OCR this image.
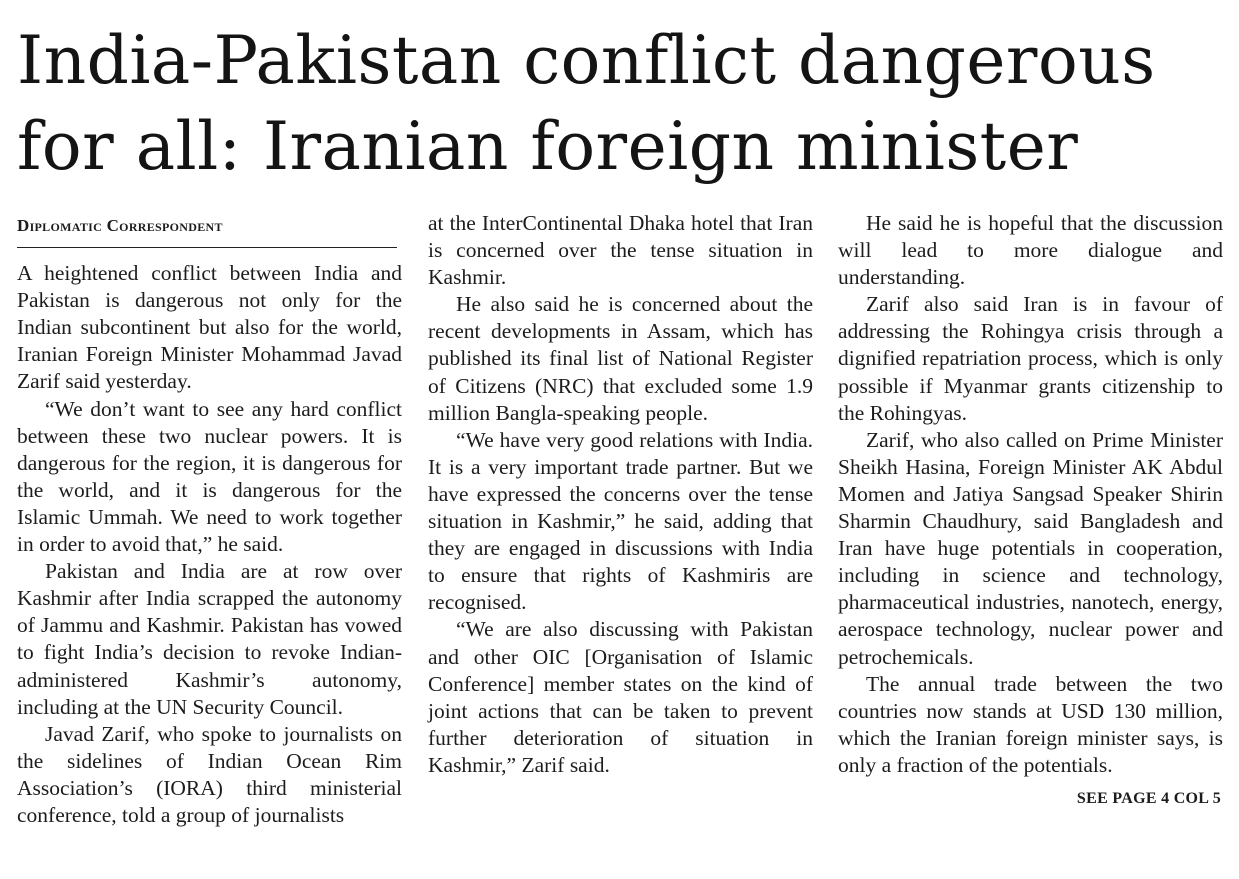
India-Pakistan conflict dangerous
for all: Iranian foreign minister
Diplomatic Correspondent

A heightened conflict between India and Pakistan is dangerous not only for the Indian subcontinent but also for the world, Iranian Foreign Minister Mohammad Javad Zarif said yesterday.

“We don’t want to see any hard conflict between these two nuclear powers. It is dangerous for the region, it is dangerous for the world, and it is dangerous for the Islamic Ummah. We need to work together in order to avoid that,” he said.

Pakistan and India are at row over Kashmir after India scrapped the autonomy of Jammu and Kashmir. Pakistan has vowed to fight India’s decision to revoke Indian-administered Kashmir’s autonomy, including at the UN Security Council.

Javad Zarif, who spoke to journalists on the sidelines of Indian Ocean Rim Association’s (IORA) third ministerial conference, told a group of journalists

at the InterContinental Dhaka hotel that Iran is concerned over the tense situation in Kashmir.

He also said he is concerned about the recent developments in Assam, which has published its final list of National Register of Citizens (NRC) that excluded some 1.9 million Bangla-speaking people.

“We have very good relations with India. It is a very important trade partner. But we have expressed the concerns over the tense situation in Kashmir,” he said, adding that they are engaged in discussions with India to ensure that rights of Kashmiris are recognised.

“We are also discussing with Pakistan and other OIC [Organisation of Islamic Conference] member states on the kind of joint actions that can be taken to prevent further deterioration of situation in Kashmir,” Zarif said.

He said he is hopeful that the discussion will lead to more dialogue and understanding.

Zarif also said Iran is in favour of addressing the Rohingya crisis through a dignified repatriation process, which is only possible if Myanmar grants citizenship to the Rohingyas.

Zarif, who also called on Prime Minister Sheikh Hasina, Foreign Minister AK Abdul Momen and Jatiya Sangsad Speaker Shirin Sharmin Chaudhury, said Bangladesh and Iran have huge potentials in cooperation, including in science and technology, pharmaceutical industries, nanotech, energy, aerospace technology, nuclear power and petrochemicals.

The annual trade between the two countries now stands at USD 130 million, which the Iranian foreign minister says, is only a fraction of the potentials.

SEE PAGE 4 COL 5
